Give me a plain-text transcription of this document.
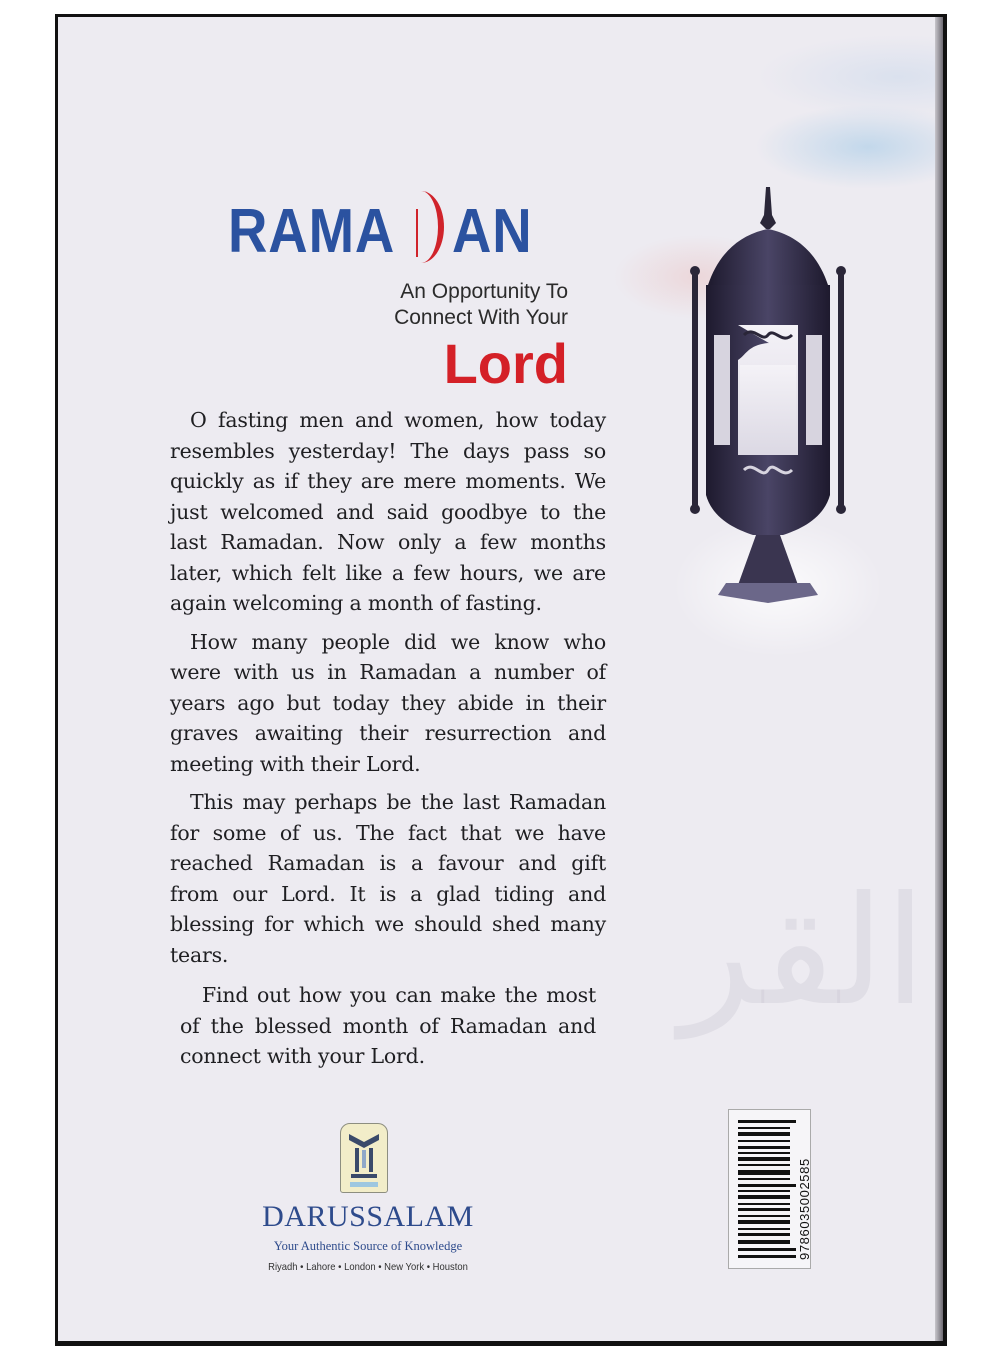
القر
RAMA AN
An Opportunity To
Connect With Your
Lord

O fasting men and women, how today resembles yesterday! The days pass so quickly as if they are mere moments. We just welcomed and said goodbye to the last Ramadan. Now only a few months later, which felt like a few hours, we are again welcoming a month of fasting.

How many people did we know who were with us in Ramadan a number of years ago but today they abide in their graves awaiting their resurrection and meeting with their Lord.

This may perhaps be the last Ramadan for some of us. The fact that we have reached Ramadan is a favour and gift from our Lord. It is a glad tiding and blessing for which we should shed many tears.

Find out how you can make the most of the blessed month of Ramadan and connect with your Lord.

DARUSSALAM
Your Authentic Source of Knowledge
Riyadh • Lahore • London • New York • Houston
9786035002585
